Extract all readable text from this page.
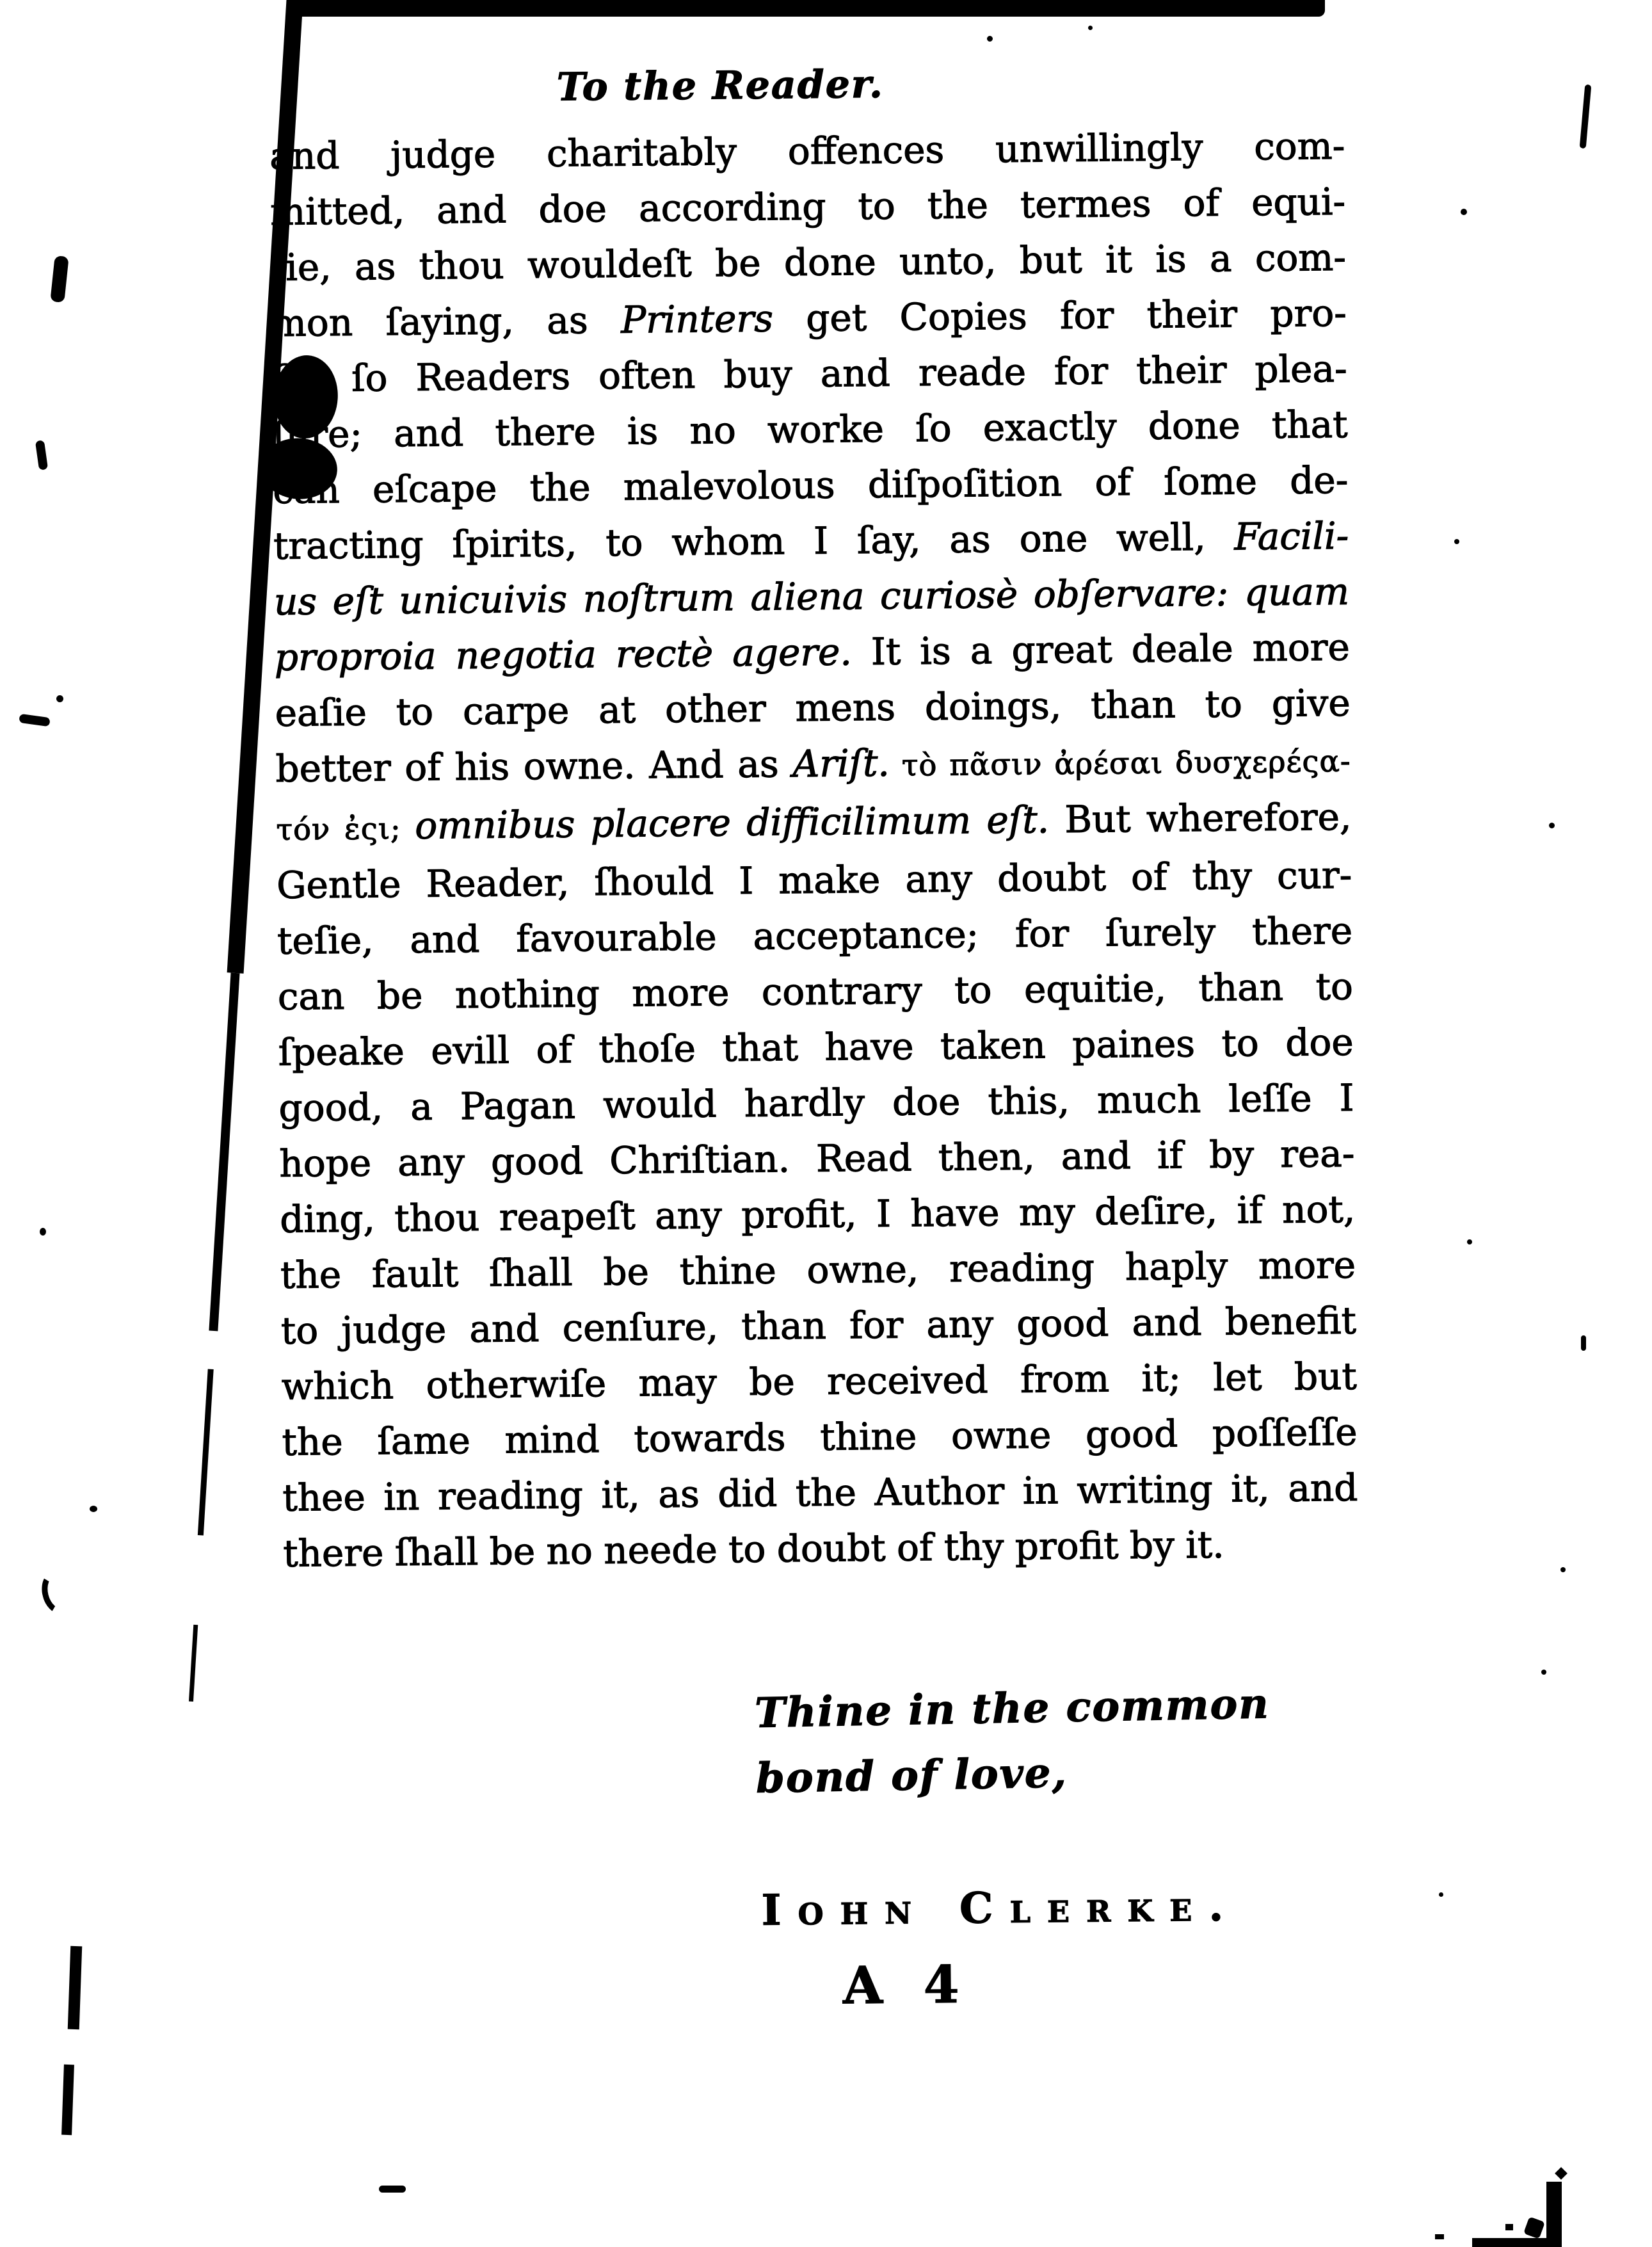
To the Reader.
and judge charitably offences unwillingly com-
mitted, and doe according to the termes of equi-
tie, as thou wouldeſt be done unto, but it is a com-
mon ſaying, as Printers get Copies for their pro-
fit, ſo Readers often buy and reade for their plea-
ſure; and there is no worke ſo exactly done that
can eſcape the malevolous diſpoſition of ſome de-
tracting ſpirits, to whom I ſay, as one well, Facili-
us eſt unicuivis noſtrum aliena curiosè obſervare: quam
proproia negotia rectè agere. It is a great deale more
eaſie to carpe at other mens doings, than to give
better of his owne. And as Ariſt. τὸ πᾶσιν ἀρέσαι δυσχερέςα-
τόν ἐςι; omnibus placere difficilimum eſt. But wherefore,
Gentle Reader, ſhould I make any doubt of thy cur-
teſie, and favourable acceptance; for ſurely there
can be nothing more contrary to equitie, than to
ſpeake evill of thoſe that have taken paines to doe
good, a Pagan would hardly doe this, much leſſe I
hope any good Chriſtian. Read then, and if by rea-
ding, thou reapeſt any profit, I have my deſire, if not,
the fault ſhall be thine owne, reading haply more
to judge and cenſure, than for any good and benefit
which otherwiſe may be received from it; let but
the ſame mind towards thine owne good poſſeſſe
thee in reading it, as did the Author in writing it, and
there ſhall be no neede to doubt of thy profit by it.
Thine in the common
bond of love,
Iohn Clerke.
A 4
